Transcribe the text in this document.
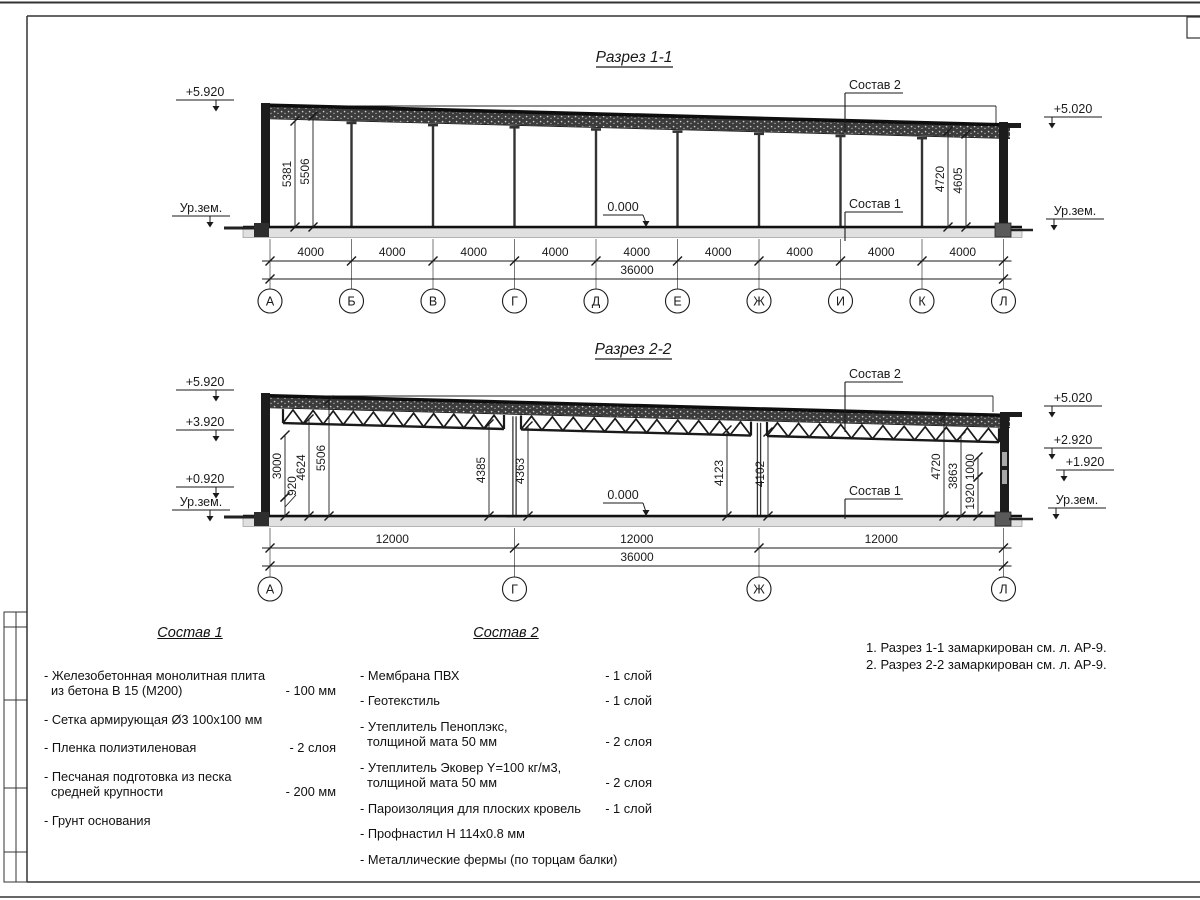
Разрез 1-1
Разрез 2-2
А	Б	В	Г	Д	Е	Ж	И	К	Л
4000	4000	4000	4000	4000	4000	4000	4000	4000
36000
А	Г	Ж	Л
12000	12000	12000
36000
5381 5506	4720 4605
3000
920
4624 5506	4385 4363	4123 4102	4720 3863 1000
1920
+5.920
Ур.зем.
+5.020
Ур.зем.
+5.920
+3.920
+0.920
Ур.зем.
+5.020
+2.920
+1.920
Ур.зем.
0.000
0.000
Состав 2
Состав 1
Состав 2
Состав 1
Состав 1
- Железобетонная монолитная плита
из бетона В 15 (М200)	- 100 мм
- Сетка армирующая Ø3 100х100 мм
- Пленка полиэтиленовая	- 2 слоя
- Песчаная подготовка из песка
средней крупности	- 200 мм
- Грунт основания
Состав 2
- Мембрана ПВХ	- 1 слой
- Геотекстиль	- 1 слой
- Утеплитель Пеноплэкс,
толщиной мата 50 мм	- 2 слоя
- Утеплитель Эковер Y=100 кг/м3,
толщиной мата 50 мм	- 2 слоя
- Пароизоляция для плоских кровель - 1 слой
- Профнастил Н 114х0.8 мм
- Металлические фермы (по торцам балки)
1. Разрез 1-1 замаркирован см. л. АР-9.
2. Разрез 2-2 замаркирован см. л. АР-9.
